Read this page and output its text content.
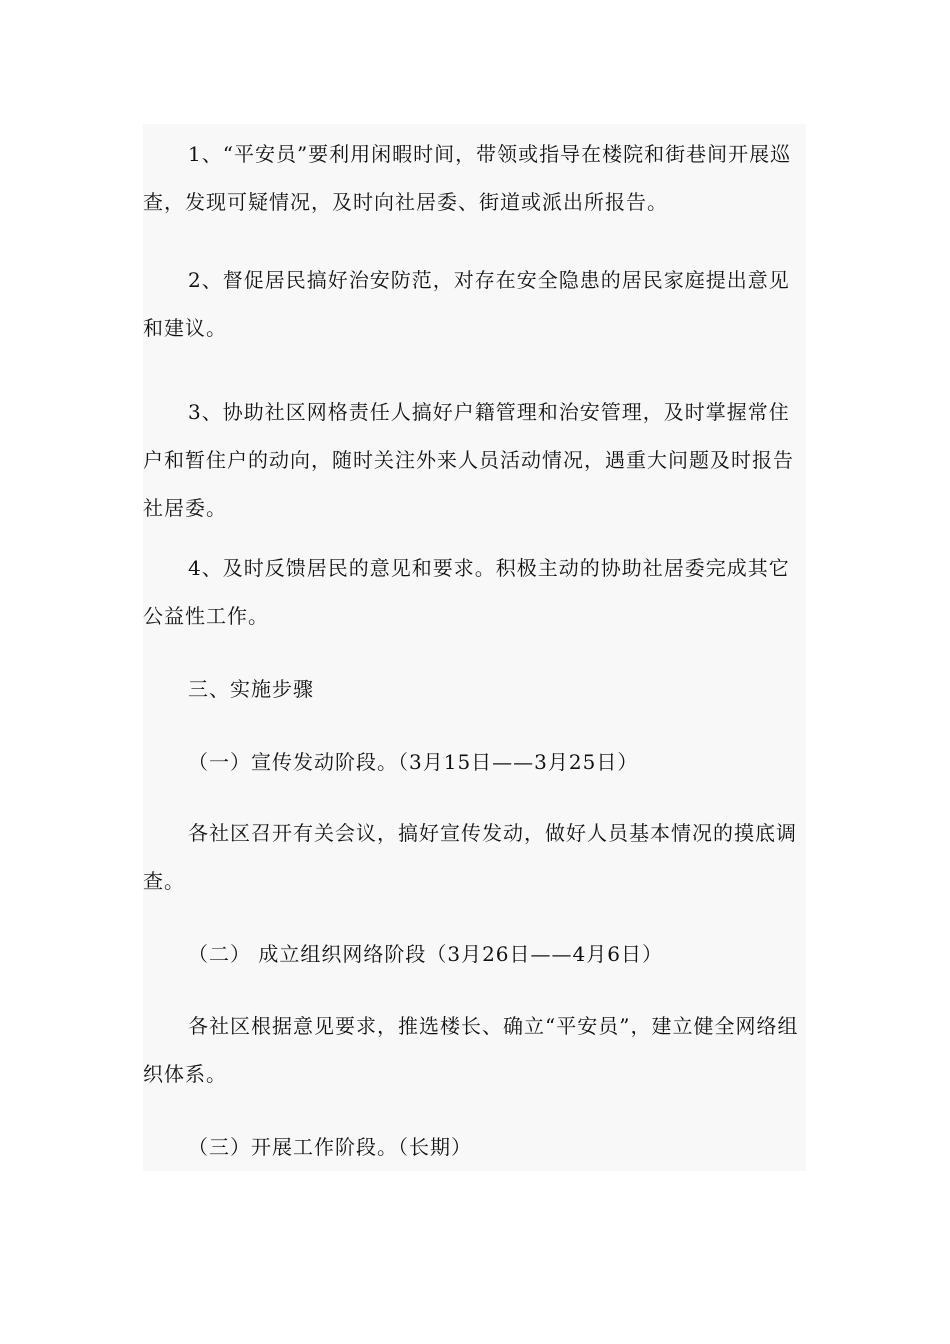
1、“平安员”要利用闲暇时间，带领或指导在楼院和街巷间开展巡查，发现可疑情况，及时向社居委、街道或派出所报告。

2、督促居民搞好治安防范，对存在安全隐患的居民家庭提出意见和建议。

3、协助社区网格责任人搞好户籍管理和治安管理，及时掌握常住户和暂住户的动向，随时关注外来人员活动情况，遇重大问题及时报告社居委。

4、及时反馈居民的意见和要求。积极主动的协助社居委完成其它公益性工作。

三、实施步骤

（一）宣传发动阶段。（3月15日——3月25日）

各社区召开有关会议，搞好宣传发动，做好人员基本情况的摸底调查。

（二） 成立组织网络阶段（3月26日——4月6日）

各社区根据意见要求，推选楼长、确立“平安员”，建立健全网络组织体系。

（三）开展工作阶段。（长期）
